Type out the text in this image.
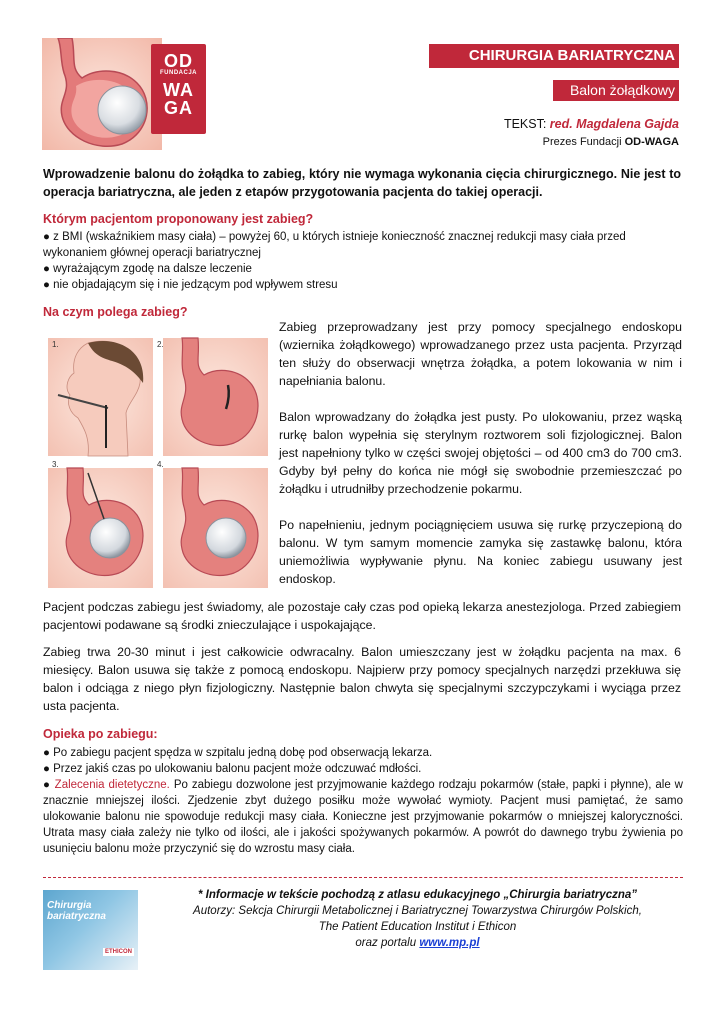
OD
FUNDACJA
WA
GA
CHIRURGIA BARIATRYCZNA
Balon żołądkowy
TEKST: red. Magdalena Gajda
Prezes Fundacji OD-WAGA
Wprowadzenie balonu do żołądka to zabieg, który nie wymaga wykonania cięcia chirurgicznego. Nie jest to operacja bariatryczna, ale jeden z etapów przygotowania pacjenta do takiej operacji.
Którym pacjentom proponowany jest zabieg?
● z BMI (wskaźnikiem masy ciała) – powyżej 60, u których istnieje konieczność znacznej redukcji masy ciała przed wykonaniem głównej operacji bariatrycznej
● wyrażającym zgodę na dalsze leczenie
● nie objadającym się i nie jedzącym pod wpływem stresu
Na czym polega zabieg?
1.	2.
3.	4.

Zabieg przeprowadzany jest przy pomocy specjalnego endoskopu (wziernika żołądkowego) wprowadzanego przez usta pacjenta. Przyrząd ten służy do obserwacji wnętrza żołądka, a potem lokowania w nim i napełniania balonu.

Balon wprowadzany do żołądka jest pusty. Po ulokowaniu, przez wąską rurkę balon wypełnia się sterylnym roztworem soli fizjologicznej. Balon jest napełniony tylko w części swojej objętości – od 400 cm3 do 700 cm3. Gdyby był pełny do końca nie mógł się swobodnie przemieszczać po żołądku i utrudniłby przechodzenie pokarmu.

Po napełnieniu, jednym pociągnięciem usuwa się rurkę przyczepioną do balonu. W tym samym momencie zamyka się zastawkę balonu, która uniemożliwia wypływanie płynu. Na koniec zabiegu usuwany jest endoskop.

Pacjent podczas zabiegu jest świadomy, ale pozostaje cały czas pod opieką lekarza anestezjologa. Przed zabiegiem pacjentowi podawane są środki znieczulające i uspokajające.
Zabieg trwa 20-30 minut i jest całkowicie odwracalny. Balon umieszczany jest w żołądku pacjenta na max. 6 miesięcy. Balon usuwa się także z pomocą endoskopu. Najpierw przy pomocy specjalnych narzędzi przekłuwa się balon i odciąga z niego płyn fizjologiczny. Następnie balon chwyta się specjalnymi szczypczykami i wyciąga przez usta pacjenta.
Opieka po zabiegu:
● Po zabiegu pacjent spędza w szpitalu jedną dobę pod obserwacją lekarza.
● Przez jakiś czas po ulokowaniu balonu pacjent może odczuwać mdłości.
● Zalecenia dietetyczne. Po zabiegu dozwolone jest przyjmowanie każdego rodzaju pokarmów (stałe, papki i płynne), ale w znacznie mniejszej ilości. Zjedzenie zbyt dużego posiłku może wywołać wymioty. Pacjent musi pamiętać, że samo ulokowanie balonu nie spowoduje redukcji masy ciała. Konieczne jest przyjmowanie pokarmów o mniejszej kaloryczności. Utrata masy ciała zależy nie tylko od ilości, ale i jakości spożywanych pokarmów. A powrót do dawnego trybu żywienia po usunięciu balonu może przyczynić się do wzrostu masy ciała.
Chirurgia bariatryczna
ETHICON
* Informacje w tekście pochodzą z atlasu edukacyjnego „Chirurgia bariatryczna”
Autorzy: Sekcja Chirurgii Metabolicznej i Bariatrycznej Towarzystwa Chirurgów Polskich,
The Patient Education Institut i Ethicon
oraz portalu www.mp.pl
